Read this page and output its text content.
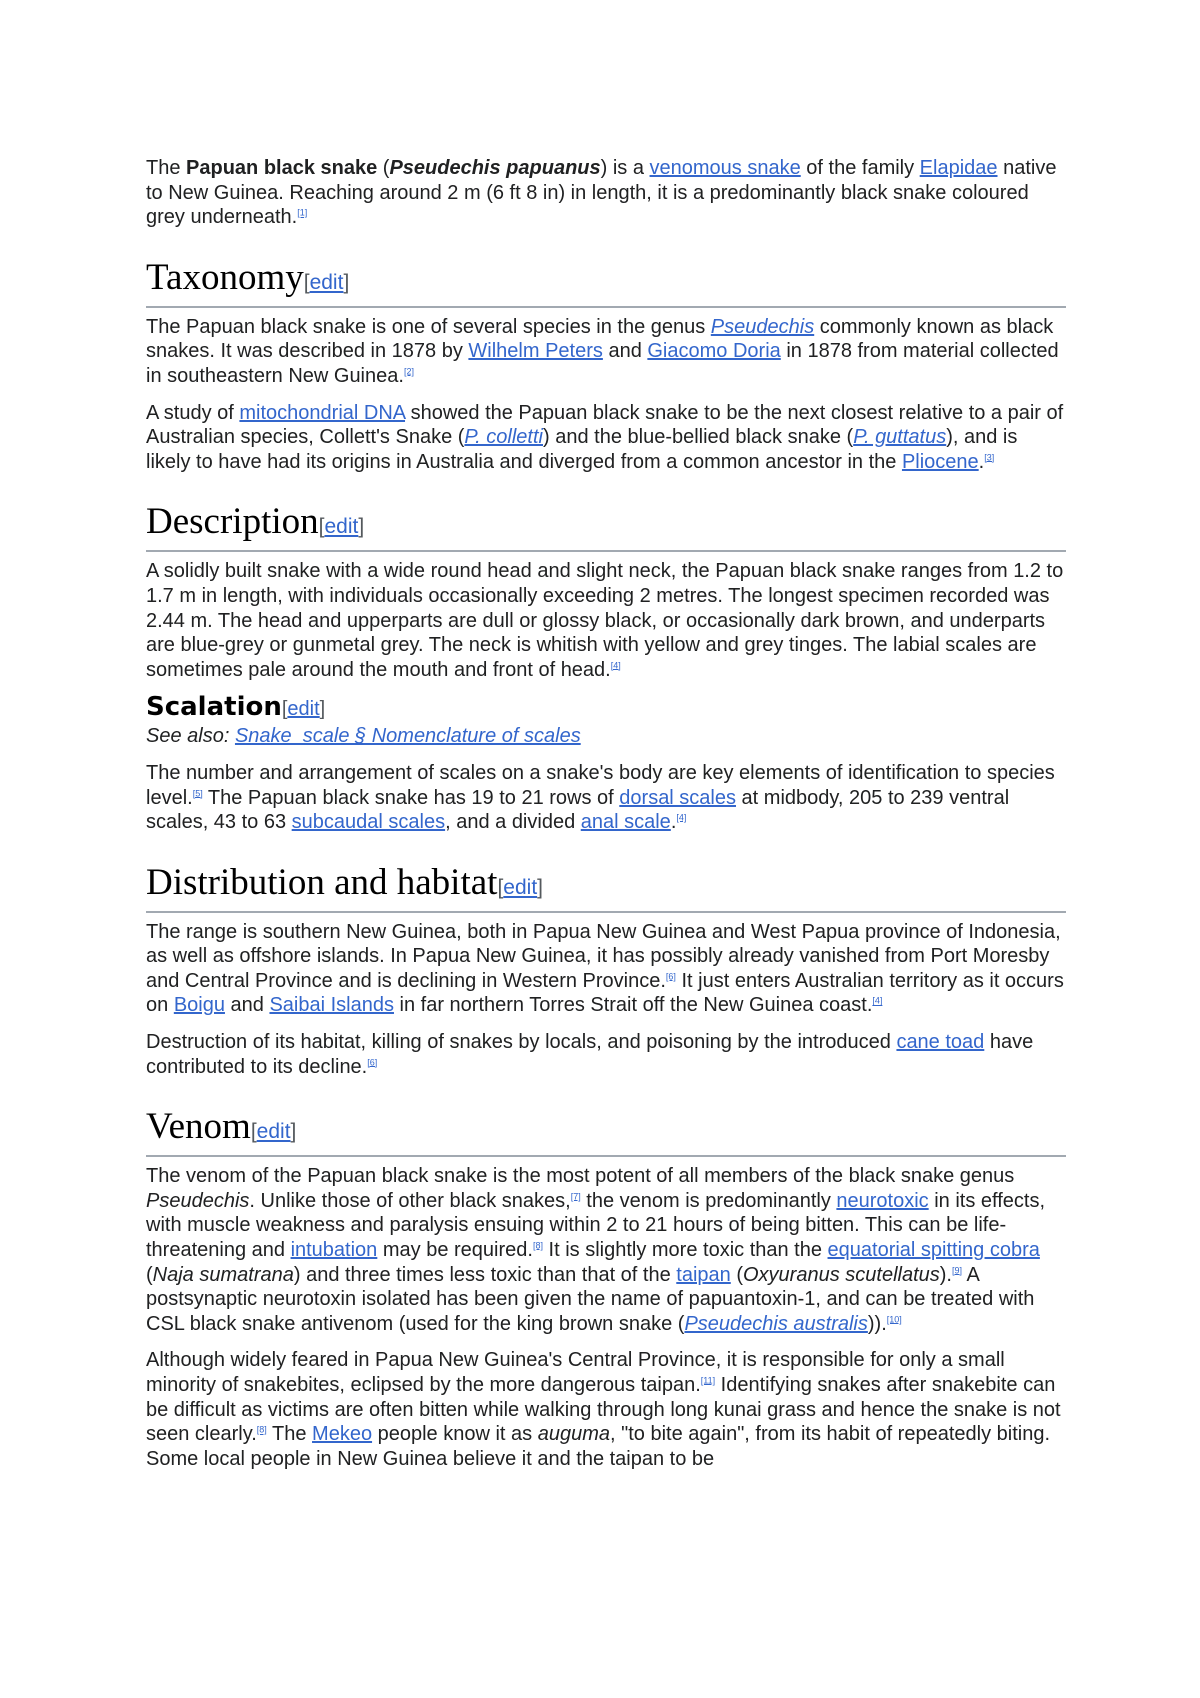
The Papuan black snake (Pseudechis papuanus) is a venomous snake of the family Elapidae native to New Guinea. Reaching around 2 m (6 ft 8 in) in length, it is a predominantly black snake coloured grey underneath.[1]

Taxonomy[edit]

The Papuan black snake is one of several species in the genus Pseudechis commonly known as black snakes. It was described in 1878 by Wilhelm Peters and Giacomo Doria in 1878 from material collected in southeastern New Guinea.[2]

A study of mitochondrial DNA showed the Papuan black snake to be the next closest relative to a pair of Australian species, Collett's Snake (P. colletti) and the blue-bellied black snake (P. guttatus), and is likely to have had its origins in Australia and diverged from a common ancestor in the Pliocene.[3]

Description[edit]

A solidly built snake with a wide round head and slight neck, the Papuan black snake ranges from 1.2 to 1.7 m in length, with individuals occasionally exceeding 2 metres. The longest specimen recorded was 2.44 m. The head and upperparts are dull or glossy black, or occasionally dark brown, and underparts are blue-grey or gunmetal grey. The neck is whitish with yellow and grey tinges. The labial scales are sometimes pale around the mouth and front of head.[4]

Scalation[edit]
See also: Snake_scale § Nomenclature of scales

The number and arrangement of scales on a snake's body are key elements of identification to species level.[5] The Papuan black snake has 19 to 21 rows of dorsal scales at midbody, 205 to 239 ventral scales, 43 to 63 subcaudal scales, and a divided anal scale.[4]

Distribution and habitat[edit]

The range is southern New Guinea, both in Papua New Guinea and West Papua province of Indonesia, as well as offshore islands. In Papua New Guinea, it has possibly already vanished from Port Moresby and Central Province and is declining in Western Province.[6] It just enters Australian territory as it occurs on Boigu and Saibai Islands in far northern Torres Strait off the New Guinea coast.[4]

Destruction of its habitat, killing of snakes by locals, and poisoning by the introduced cane toad have contributed to its decline.[6]

Venom[edit]

The venom of the Papuan black snake is the most potent of all members of the black snake genus Pseudechis. Unlike those of other black snakes,[7] the venom is predominantly neurotoxic in its effects, with muscle weakness and paralysis ensuing within 2 to 21 hours of being bitten. This can be life-threatening and intubation may be required.[8] It is slightly more toxic than the equatorial spitting cobra (Naja sumatrana) and three times less toxic than that of the taipan (Oxyuranus scutellatus).[9] A postsynaptic neurotoxin isolated has been given the name of papuantoxin-1, and can be treated with CSL black snake antivenom (used for the king brown snake (Pseudechis australis)).[10]

Although widely feared in Papua New Guinea's Central Province, it is responsible for only a small minority of snakebites, eclipsed by the more dangerous taipan.[11] Identifying snakes after snakebite can be difficult as victims are often bitten while walking through long kunai grass and hence the snake is not seen clearly.[8] The Mekeo people know it as auguma, "to bite again", from its habit of repeatedly biting. Some local people in New Guinea believe it and the taipan to be
